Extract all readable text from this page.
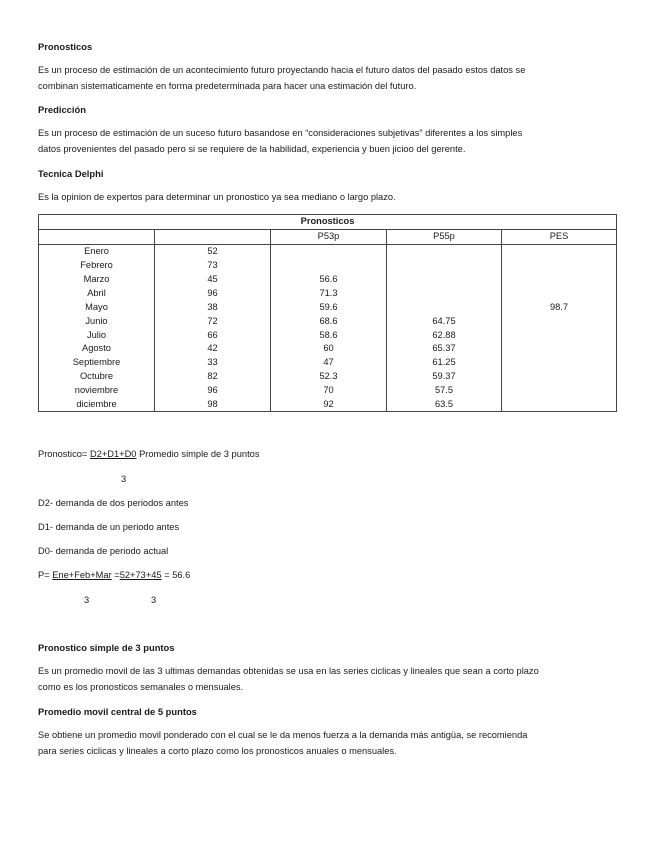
Pronosticos
Es un proceso de estimación de un acontecimiento futuro proyectando hacia el futuro datos del pasado estos datos se
combinan sistematicamente en forma predeterminada para hacer una estimación del futuro.
Predicción
Es un proceso de estimación de un suceso futuro basandose en “consideraciones subjetivas” diferentes a los simples
datos provenientes del pasado pero si se requiere de la habilidad, experiencia y buen jicioo del gerente.
Tecnica Delphi
Es la opinion de expertos para determinar un pronostico ya sea mediano o largo plazo.
Pronosticos				
		P53p	P55p	PES
Enero	52			
Febrero	73			
Marzo	45	56.6		
Abril	96	71.3		
Mayo	38	59.6		98.7
Junio	72	68.6	64.75	
Julio	66	58.6	62.88	
Agosto	42	60	65.37	
Septiembre	33	47	61.25	
Octubre	82	52.3	59.37	
noviembre	96	70	57.5	
diciembre	98	92	63.5	
Pronostico= D2+D1+D0 Promedio simple de 3 puntos
3
D2- demanda de dos periodos antes
D1- demanda de un periodo antes
D0- demanda de periodo actual
P= Ene+Feb+Mar =52+73+45 = 56.6
3	3
Pronostico simple de 3 puntos
Es un promedio movil de las 3 ultimas demandas obtenidas se usa en las series ciclicas y lineales que sean a corto plazo
como es los pronosticos semanales o mensuales.
Promedio movil central de 5 puntos
Se obtiene un promedio movil ponderado con el cual se le da menos fuerza a la demanda más antigüa, se recomienda
para series ciclicas y lineales a corto plazo como los pronosticos anuales o mensuales.
